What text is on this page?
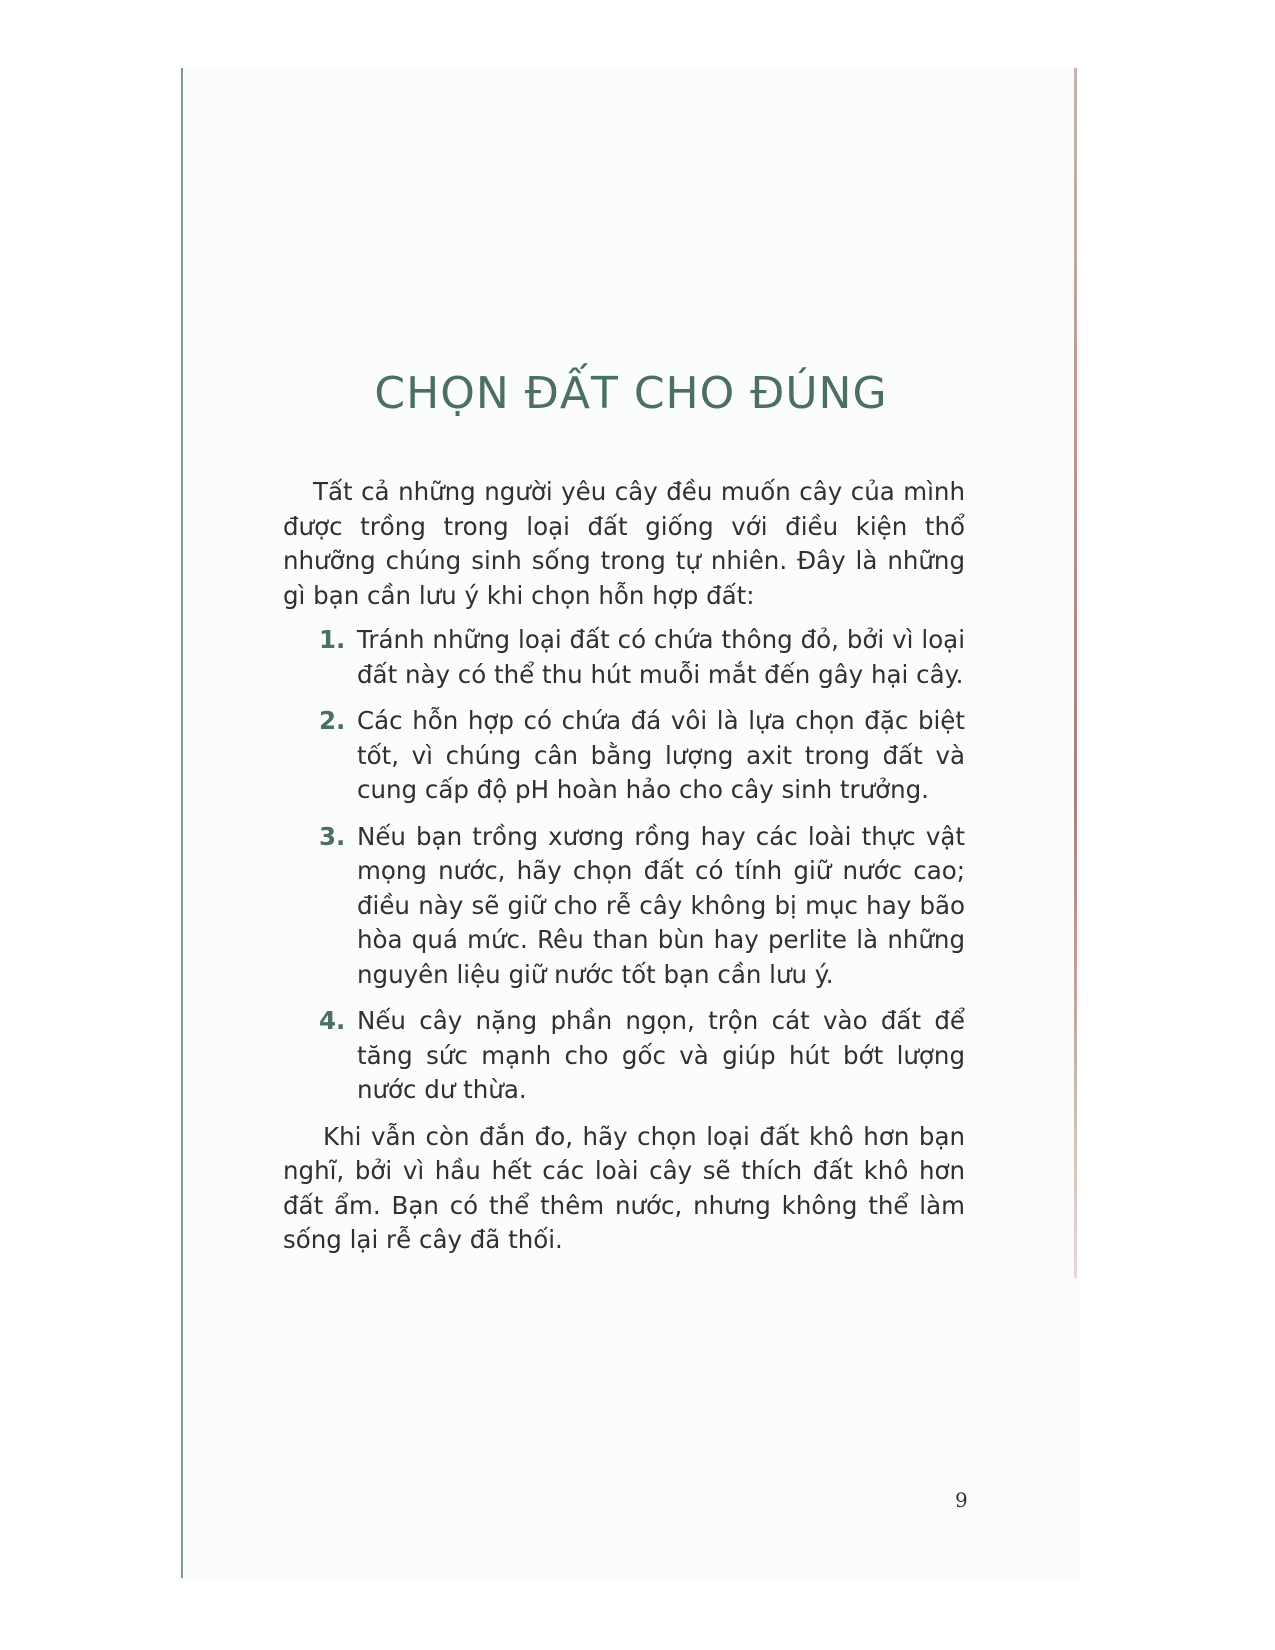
CHỌN ĐẤT CHO ĐÚNG

Tất cả những người yêu cây đều muốn cây của mình được trồng trong loại đất giống với điều kiện thổ nhưỡng chúng sinh sống trong tự nhiên. Đây là những gì bạn cần lưu ý khi chọn hỗn hợp đất:

1. Tránh những loại đất có chứa thông đỏ, bởi vì loại đất này có thể thu hút muỗi mắt đến gây hại cây.
2. Các hỗn hợp có chứa đá vôi là lựa chọn đặc biệt tốt, vì chúng cân bằng lượng axit trong đất và cung cấp độ pH hoàn hảo cho cây sinh trưởng.
3. Nếu bạn trồng xương rồng hay các loài thực vật mọng nước, hãy chọn đất có tính giữ nước cao; điều này sẽ giữ cho rễ cây không bị mục hay bão hòa quá mức. Rêu than bùn hay perlite là những nguyên liệu giữ nước tốt bạn cần lưu ý.
4. Nếu cây nặng phần ngọn, trộn cát vào đất để tăng sức mạnh cho gốc và giúp hút bớt lượng nước dư thừa.

Khi vẫn còn đắn đo, hãy chọn loại đất khô hơn bạn nghĩ, bởi vì hầu hết các loài cây sẽ thích đất khô hơn đất ẩm. Bạn có thể thêm nước, nhưng không thể làm sống lại rễ cây đã thối.

9
